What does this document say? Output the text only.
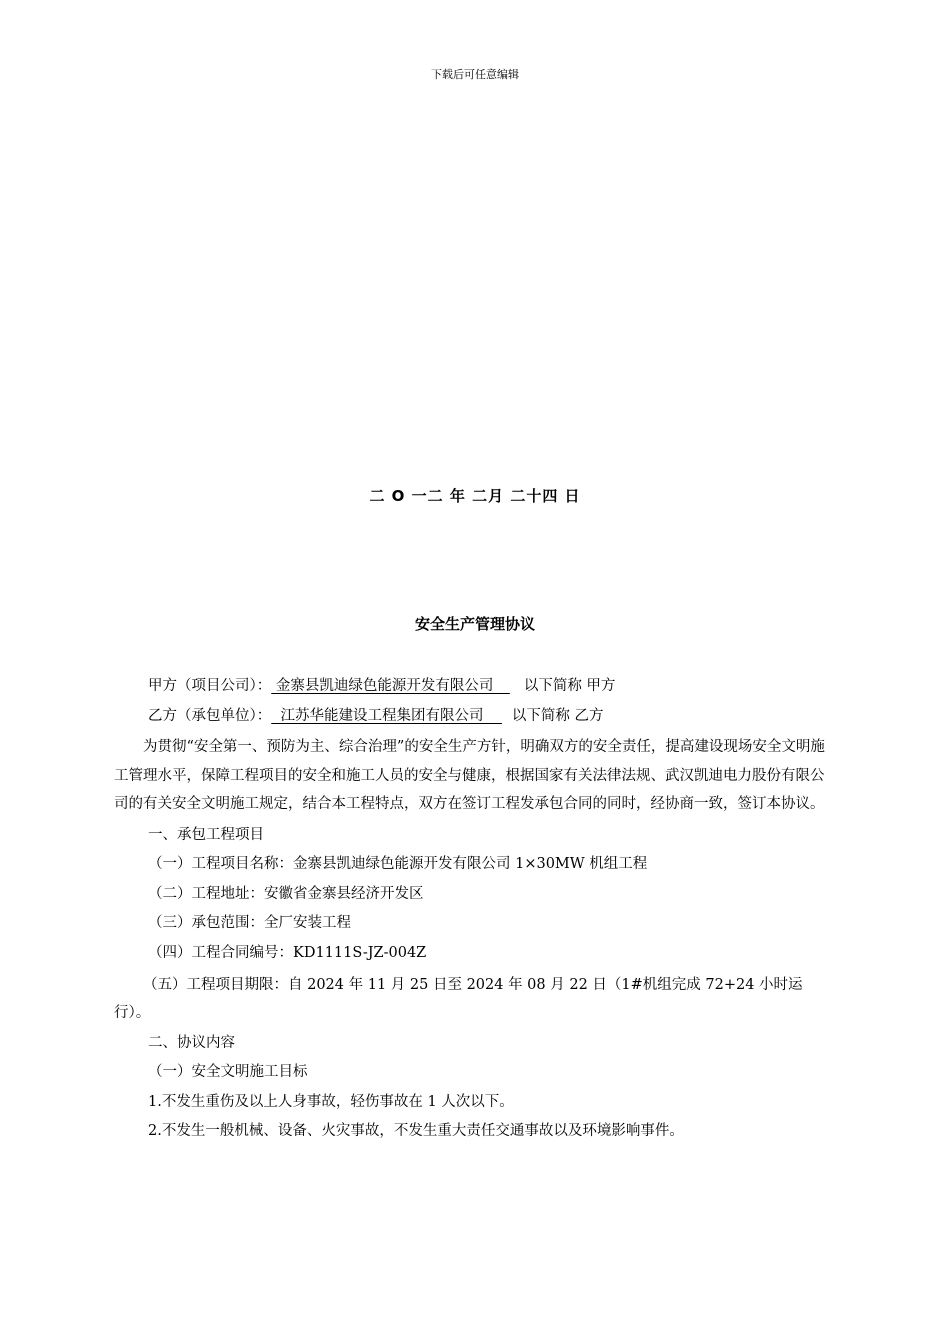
下载后可任意编辑
二 O 一二 年 二月 二十四 日
安全生产管理协议

甲方（项目公司）： 金寨县凯迪绿色能源开发有限公司_  以下简称 甲方

乙方（承包单位）：  江苏华能建设工程集团有限公司    以下简称 乙方

为贯彻“安全第一、预防为主、综合治理”的安全生产方针，明确双方的安全责任，提高建设现场安全文明施工管理水平，保障工程项目的安全和施工人员的安全与健康，根据国家有关法律法规、武汉凯迪电力股份有限公司的有关安全文明施工规定，结合本工程特点，双方在签订工程发承包合同的同时，经协商一致，签订本协议。

一、承包工程项目

（一）工程项目名称：金寨县凯迪绿色能源开发有限公司 1×30MW 机组工程

（二）工程地址：安徽省金寨县经济开发区

（三）承包范围：全厂安装工程

（四）工程合同编号：KD1111S-JZ-004Z

（五）工程项目期限：自 2024 年 11 月 25 日至 2024 年 08 月 22 日（1#机组完成 72+24 小时运行）。

二、协议内容

（一）安全文明施工目标

1.不发生重伤及以上人身事故，轻伤事故在 1 人次以下。

2.不发生一般机械、设备、火灾事故，不发生重大责任交通事故以及环境影响事件。
